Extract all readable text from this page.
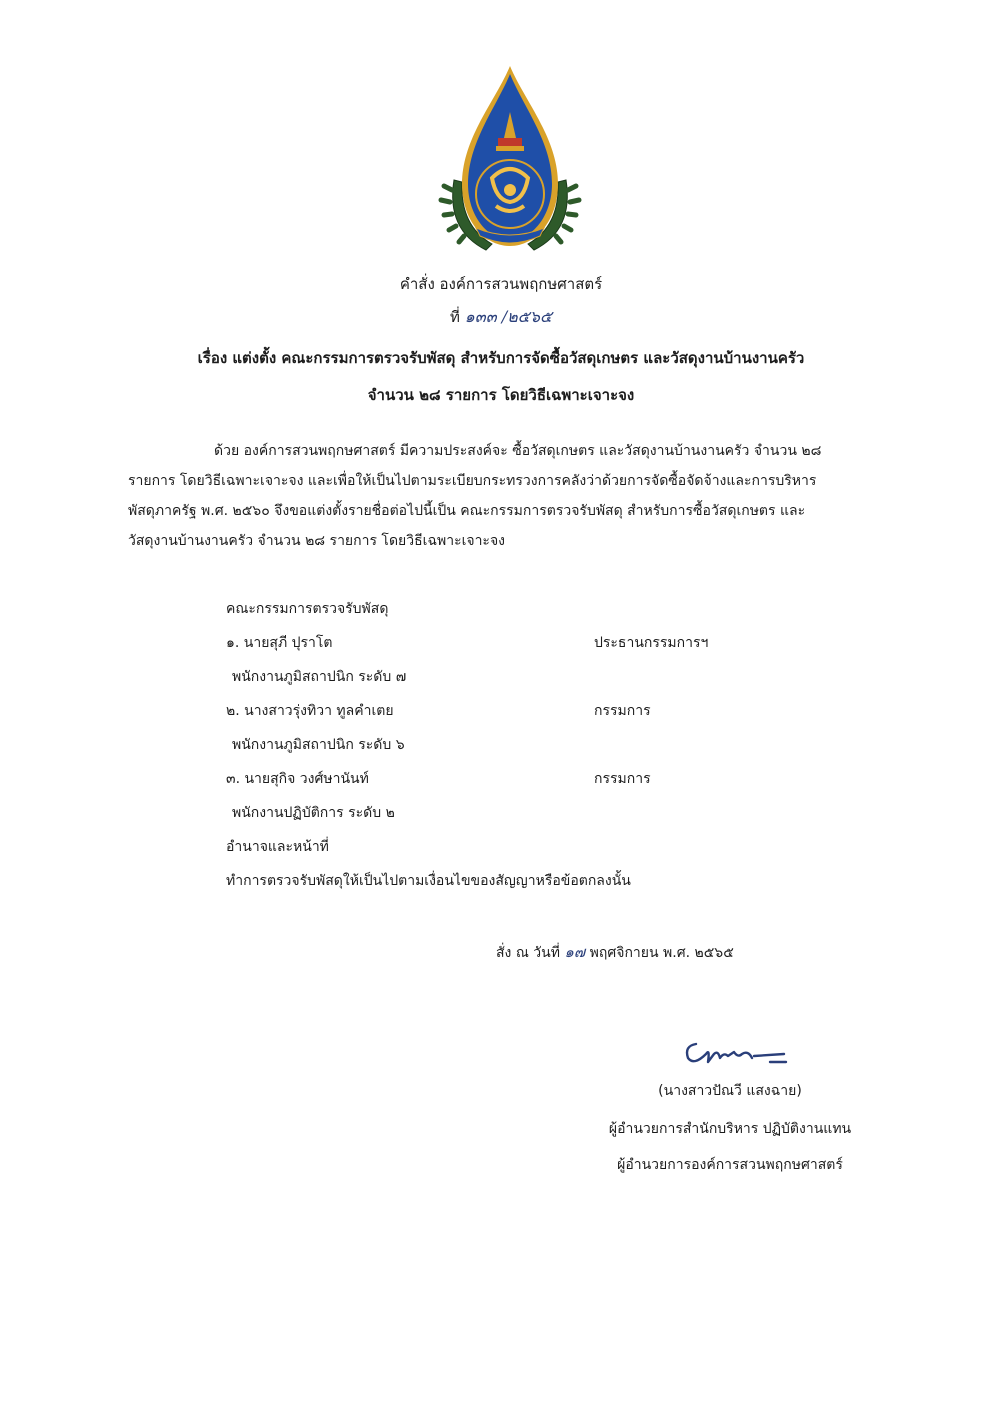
คำสั่ง องค์การสวนพฤกษศาสตร์
ที่ ๑๓๓ /๒๕๖๕
เรื่อง แต่งตั้ง คณะกรรมการตรวจรับพัสดุ สำหรับการจัดซื้อวัสดุเกษตร และวัสดุงานบ้านงานครัว
จำนวน ๒๘ รายการ โดยวิธีเฉพาะเจาะจง
ด้วย องค์การสวนพฤกษศาสตร์ มีความประสงค์จะ ซื้อวัสดุเกษตร และวัสดุงานบ้านงานครัว จำนวน ๒๘
รายการ โดยวิธีเฉพาะเจาะจง และเพื่อให้เป็นไปตามระเบียบกระทรวงการคลังว่าด้วยการจัดซื้อจัดจ้างและการบริหาร
พัสดุภาครัฐ พ.ศ. ๒๕๖๐ จึงขอแต่งตั้งรายชื่อต่อไปนี้เป็น คณะกรรมการตรวจรับพัสดุ สำหรับการซื้อวัสดุเกษตร และ
วัสดุงานบ้านงานครัว จำนวน ๒๘ รายการ โดยวิธีเฉพาะเจาะจง
คณะกรรมการตรวจรับพัสดุ
๑. นายสุภี ปุราโต	ประธานกรรมการฯ
พนักงานภูมิสถาปนิก ระดับ ๗
๒. นางสาวรุ่งทิวา ทูลคำเตย	กรรมการ
พนักงานภูมิสถาปนิก ระดับ ๖
๓. นายสุกิจ วงศ์ษานันท์	กรรมการ
พนักงานปฏิบัติการ ระดับ ๒
อำนาจและหน้าที่
ทำการตรวจรับพัสดุให้เป็นไปตามเงื่อนไขของสัญญาหรือข้อตกลงนั้น
สั่ง ณ วันที่ ๑๗ พฤศจิกายน พ.ศ. ๒๕๖๕
(นางสาวปัณวี แสงฉาย)
ผู้อำนวยการสำนักบริหาร ปฏิบัติงานแทน
ผู้อำนวยการองค์การสวนพฤกษศาสตร์
